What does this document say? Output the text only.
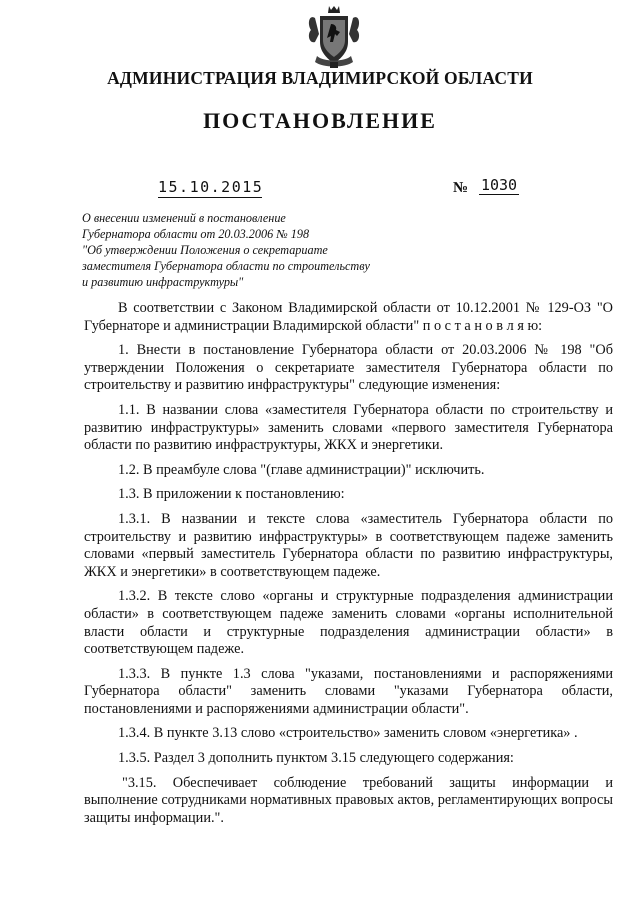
АДМИНИСТРАЦИЯ ВЛАДИМИРСКОЙ ОБЛАСТИ
ПОСТАНОВЛЕНИЕ
15.10.2015	№ 1030
О внесении изменений в постановление
Губернатора области от 20.03.2006 № 198
"Об утверждении Положения о секретариате
заместителя Губернатора области по строительству
и развитию инфраструктуры"

В соответствии с Законом Владимирской области от 10.12.2001 № 129-ОЗ "О Губернаторе и администрации Владимирской области" п о с т а н о в л я ю:

1. Внести в постановление Губернатора области от 20.03.2006 № 198 "Об утверждении Положения о секретариате заместителя Губернатора области по строительству и развитию инфраструктуры" следующие изменения:

1.1. В названии слова «заместителя Губернатора области по строительству и развитию инфраструктуры» заменить словами «первого заместителя Губернатора области по развитию инфраструктуры, ЖКХ и энергетики.

1.2. В преамбуле слова "(главе администрации)" исключить.

1.3. В приложении к постановлению:

1.3.1. В названии и тексте слова «заместитель Губернатора области по строительству и развитию инфраструктуры» в соответствующем падеже заменить словами «первый заместитель Губернатора области по развитию инфраструктуры, ЖКХ и энергетики» в соответствующем падеже.

1.3.2. В тексте слово «органы и структурные подразделения администрации области» в соответствующем падеже заменить словами «органы исполнительной власти области и структурные подразделения администрации области» в соответствующем падеже.

1.3.3. В пункте 1.3 слова "указами, постановлениями и распоряжениями Губернатора области" заменить словами "указами Губернатора области, постановлениями и распоряжениями администрации области".

1.3.4. В пункте 3.13 слово «строительство» заменить словом «энергетика» .

1.3.5. Раздел 3 дополнить пунктом 3.15 следующего содержания:

"3.15. Обеспечивает соблюдение требований защиты информации и выполнение сотрудниками нормативных правовых актов, регламентирующих вопросы защиты информации.".
